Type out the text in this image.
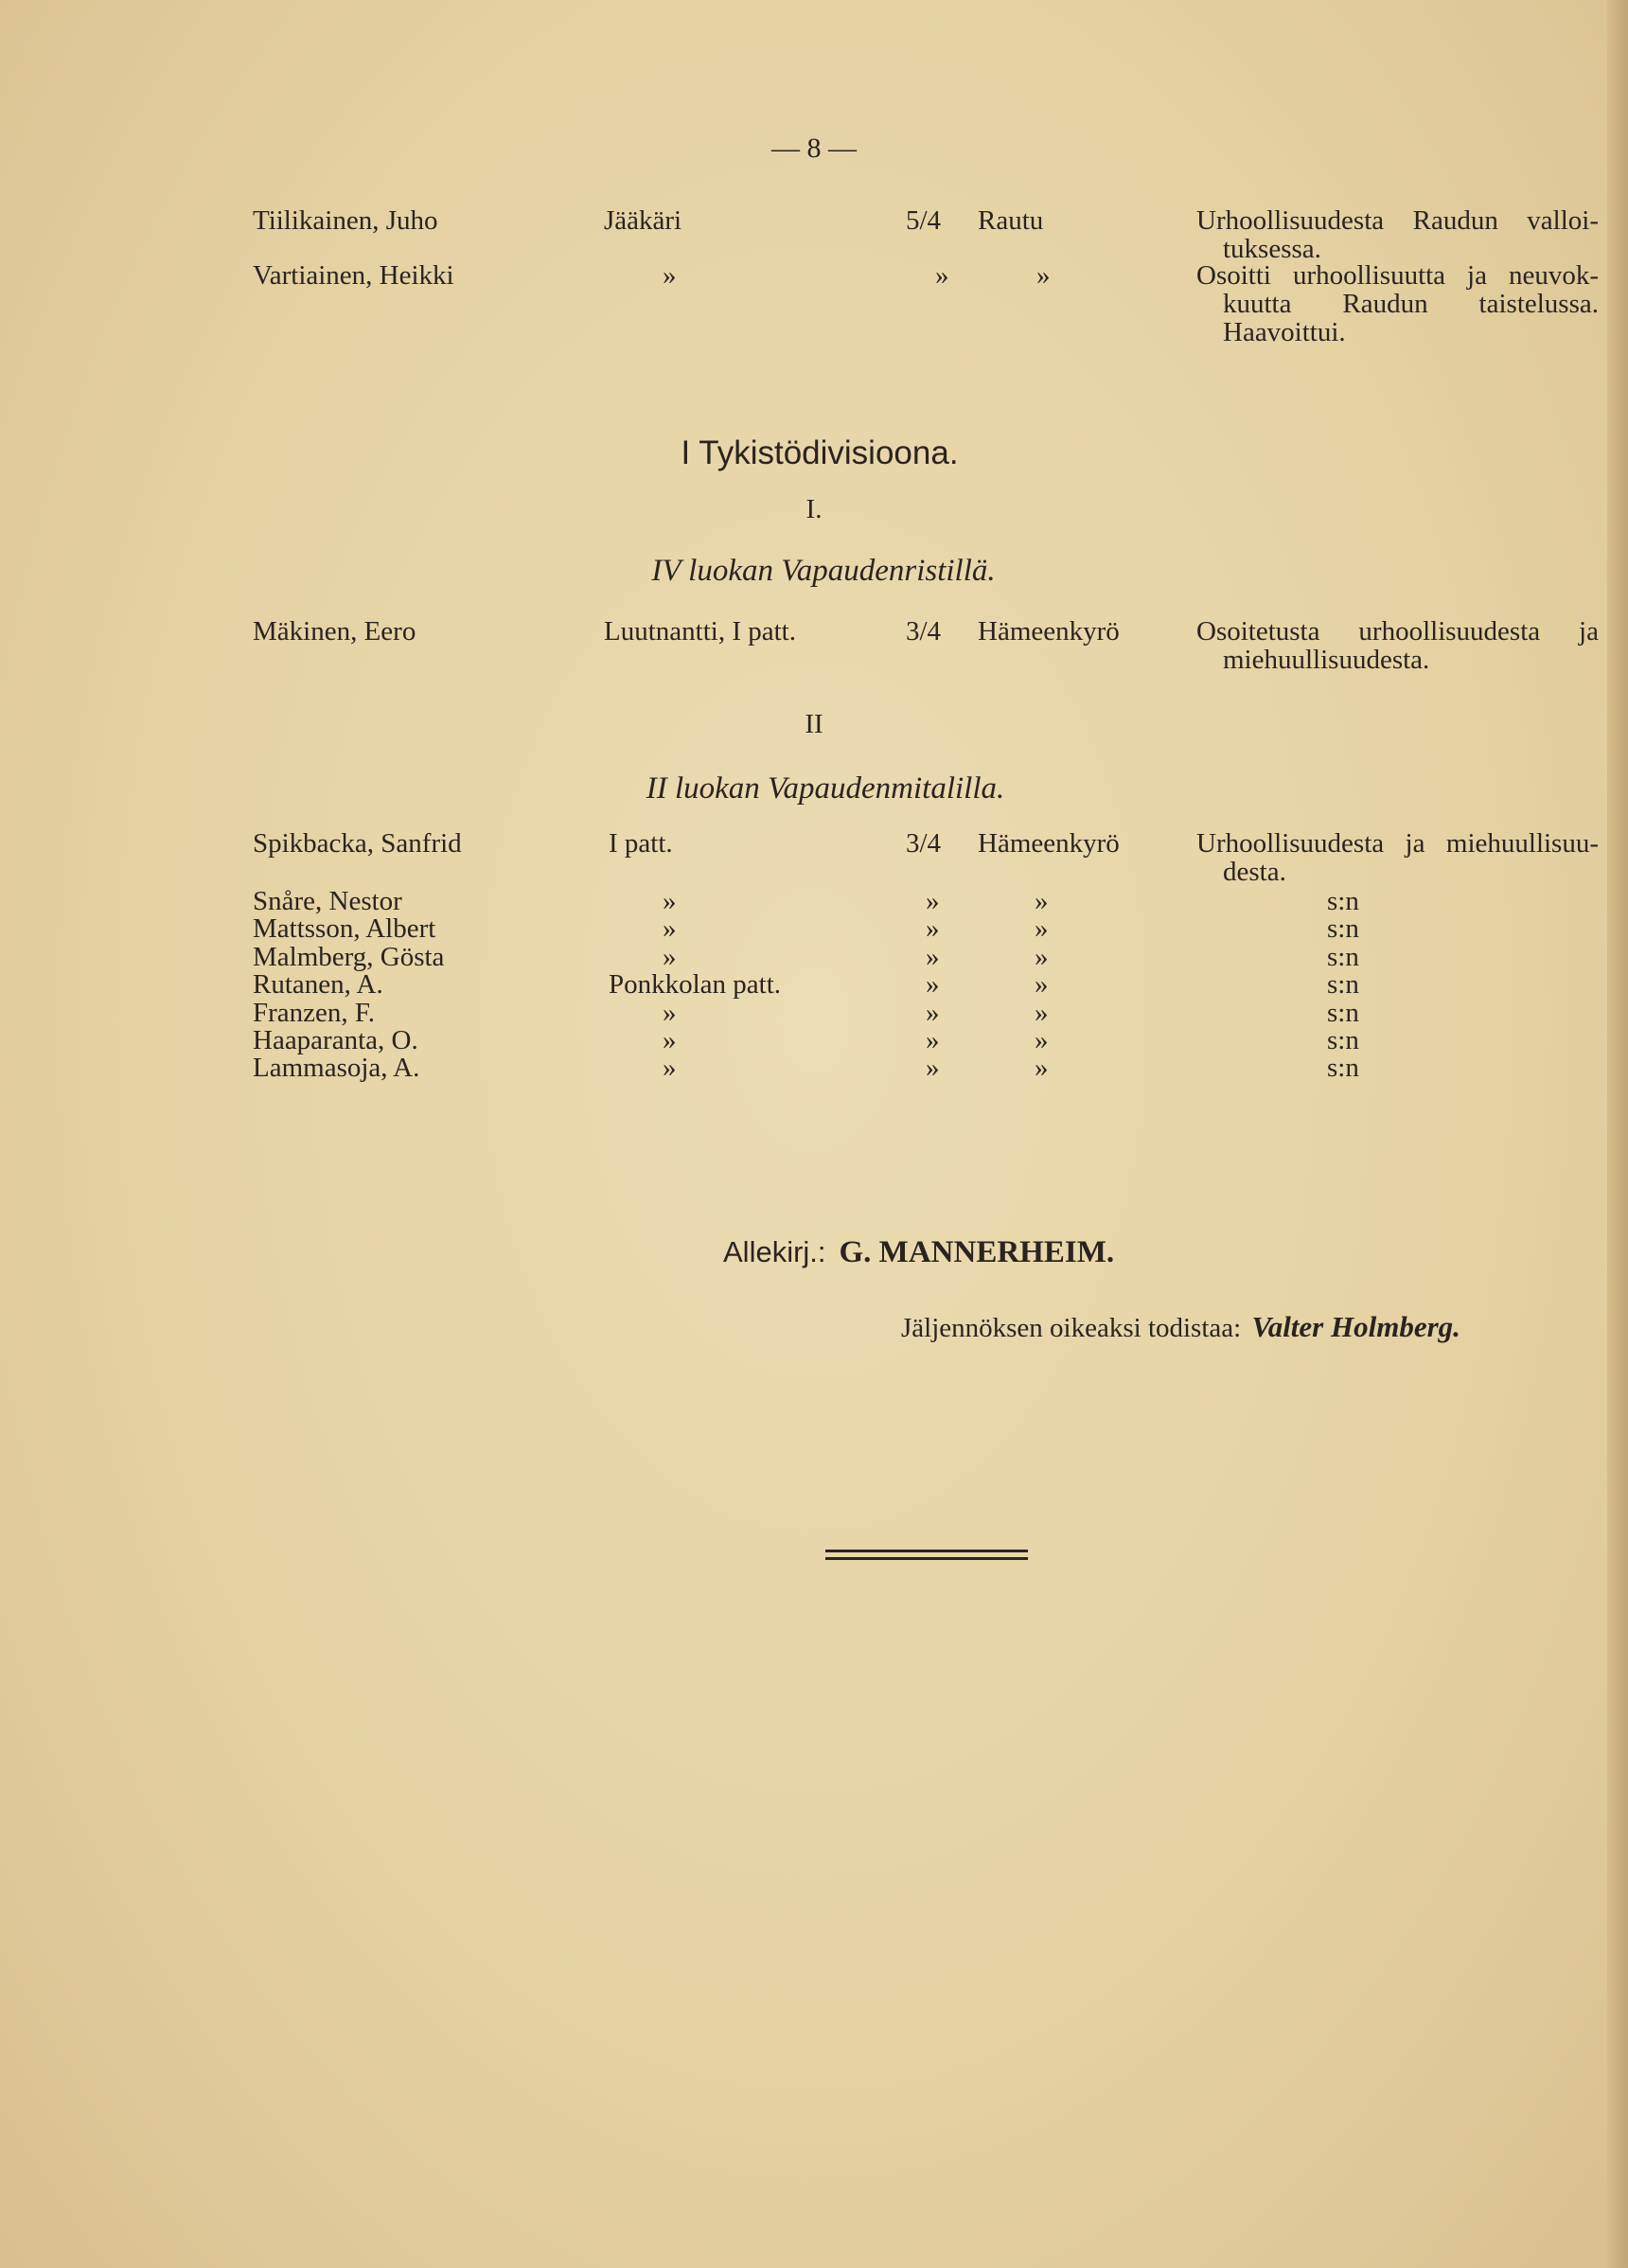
— 8 —
Tiilikainen, Juho	Jääkäri	5/4 Rautu	Urhoollisuudesta Raudun valloi-
tuksessa.
Vartiainen, Heikki	»	»	»	Osoitti urhoollisuutta ja neuvok-
kuutta Raudun taistelussa.
Haavoittui.
I Tykistödivisioona.
I.
IV luokan Vapaudenristillä.
Mäkinen, Eero	Luutnantti, I patt.	3/4 Hämeenkyrö	Osoitetusta urhoollisuudesta ja
miehuullisuudesta.
II
II luokan Vapaudenmitalilla.
Spikbacka, Sanfrid	I patt.	3/4 Hämeenkyrö	Urhoollisuudesta ja miehuullisuu-
desta.
Snåre, Nestor	»	»	»	s:n
Mattsson, Albert	»	»	»	s:n
Malmberg, Gösta	»	»	»	s:n
Rutanen, A.	Ponkkolan patt.	»	»	s:n
Franzen, F.	»	»	»	s:n
Haaparanta, O.	»	»	»	s:n
Lammasoja, A.	»	»	»	s:n
Allekirj.: G. MANNERHEIM.
Jäljennöksen oikeaksi todistaa: Valter Holmberg.
